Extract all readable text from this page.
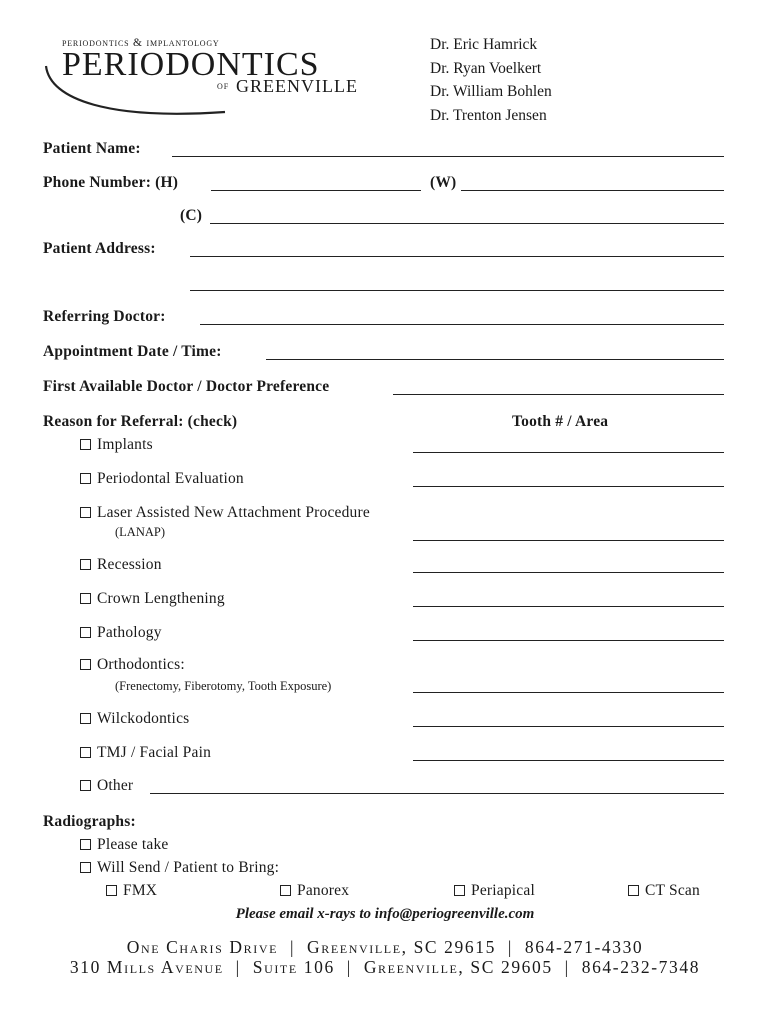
periodontics & implantology
PERIODONTICS
of GREENVILLE
Dr. Eric Hamrick
Dr. Ryan Voelkert
Dr. William Bohlen
Dr. Trenton Jensen
Patient Name:
Phone Number: (H)	(W)
(C)
Patient Address:
Referring Doctor:
Appointment Date / Time:
First Available Doctor / Doctor Preference
Reason for Referral: (check)	Tooth # / Area
Implants
Periodontal Evaluation
Laser Assisted New Attachment Procedure
(LANAP)
Recession
Crown Lengthening
Pathology
Orthodontics:
(Frenectomy, Fiberotomy, Tooth Exposure)
Wilckodontics
TMJ / Facial Pain
Other
Radiographs:
Please take
Will Send / Patient to Bring:
FMX	Panorex	Periapical	CT Scan
Please email x-rays to info@periogreenville.com
One Charis Drive  |  Greenville, SC 29615  |  864-271-4330
310 Mills Avenue  |  Suite 106  |  Greenville, SC 29605  |  864-232-7348
